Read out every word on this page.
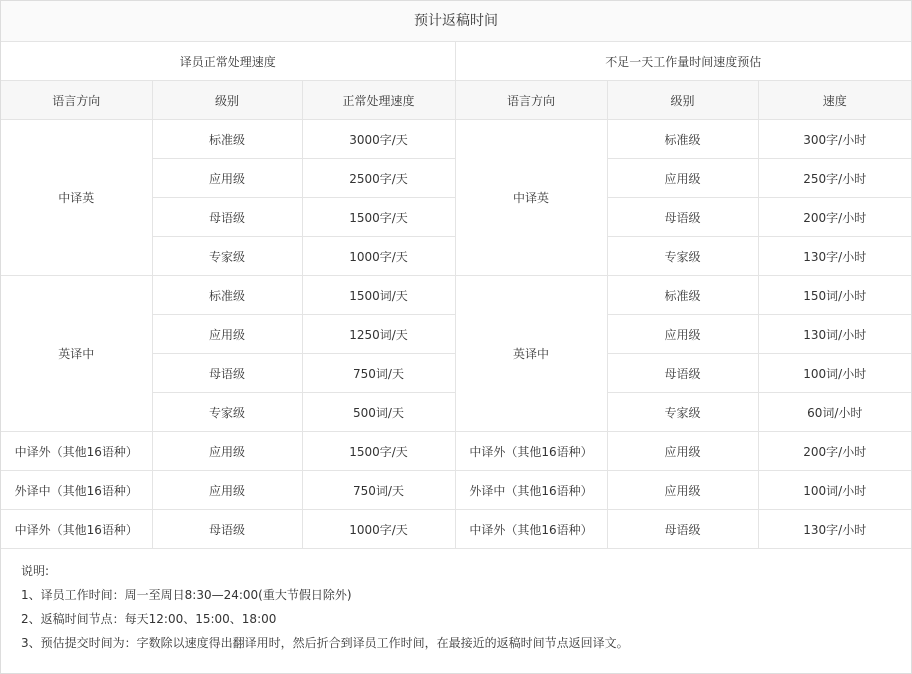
预计返稿时间
译员正常处理速度			不足一天工作量时间速度预估		
语言方向	级别	正常处理速度	语言方向	级别	速度
中译英	标准级	3000字/天	中译英	标准级	300字/小时
	应用级	2500字/天		应用级	250字/小时
	母语级	1500字/天		母语级	200字/小时
	专家级	1000字/天		专家级	130字/小时
英译中	标准级	1500词/天	英译中	标准级	150词/小时
	应用级	1250词/天		应用级	130词/小时
	母语级	750词/天		母语级	100词/小时
	专家级	500词/天		专家级	60词/小时
中译外（其他16语种）	应用级	1500字/天	中译外（其他16语种）	应用级	200字/小时
外译中（其他16语种）	应用级	750词/天	外译中（其他16语种）	应用级	100词/小时
中译外（其他16语种）	母语级	1000字/天	中译外（其他16语种）	母语级	130字/小时

说明:

1、译员工作时间：周一至周日8:30—24:00(重大节假日除外)

2、返稿时间节点：每天12:00、15:00、18:00

3、预估提交时间为：字数除以速度得出翻译用时，然后折合到译员工作时间，在最接近的返稿时间节点返回译文。
